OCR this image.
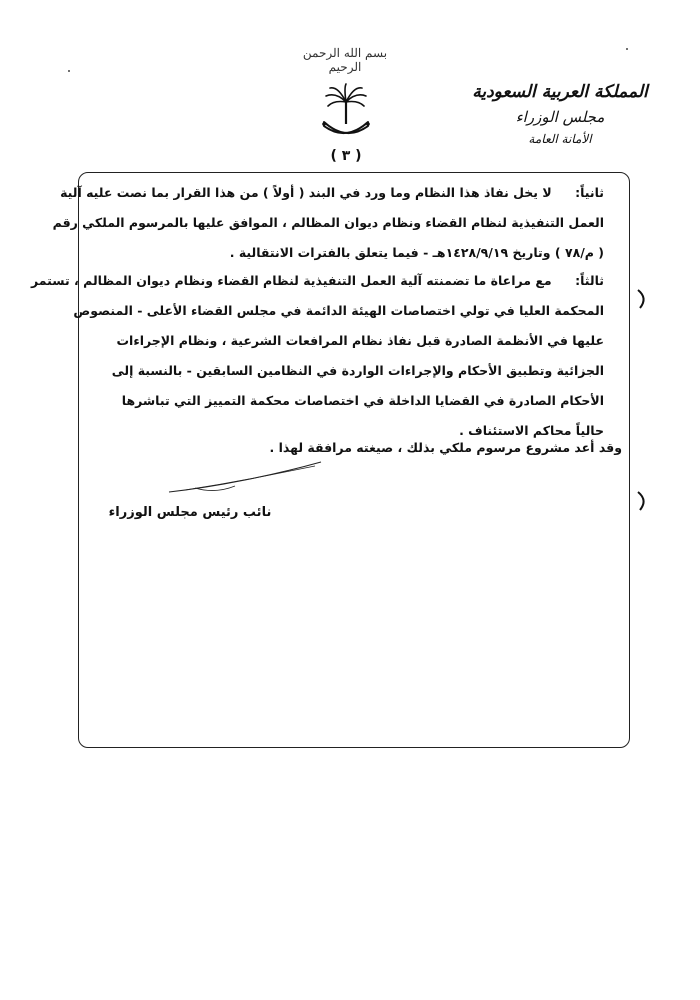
بسم الله الرحمن الرحيم
( ٣ )
المملكة العربية السعودية
مجلس الوزراء
الأمانة العامة
ثانياً: لا يخل نفاذ هذا النظام وما ورد في البند ( أولاً ) من هذا القرار بما نصت عليه آلية
العمل التنفيذية لنظام القضاء ونظام ديوان المظالم ، الموافق عليها بالمرسوم الملكي رقم
( م/٧٨ ) وتاريخ ١٤٢٨/٩/١٩هـ - فيما يتعلق بالفترات الانتقالية .
ثالثاً: مع مراعاة ما تضمنته آلية العمل التنفيذية لنظام القضاء ونظام ديوان المظالم ، تستمر
المحكمة العليا في تولي اختصاصات الهيئة الدائمة في مجلس القضاء الأعلى - المنصوص
عليها في الأنظمة الصادرة قبل نفاذ نظام المرافعات الشرعية ، ونظام الإجراءات
الجزائية وتطبيق الأحكام والإجراءات الواردة في النظامين السابقين - بالنسبة إلى
الأحكام الصادرة في القضايا الداخلة في اختصاصات محكمة التمييز التي تباشرها
حالياً محاكم الاستئناف .
وقد أعد مشروع مرسوم ملكي بذلك ، صيغته مرافقة لهذا .
نائب رئيس مجلس الوزراء
